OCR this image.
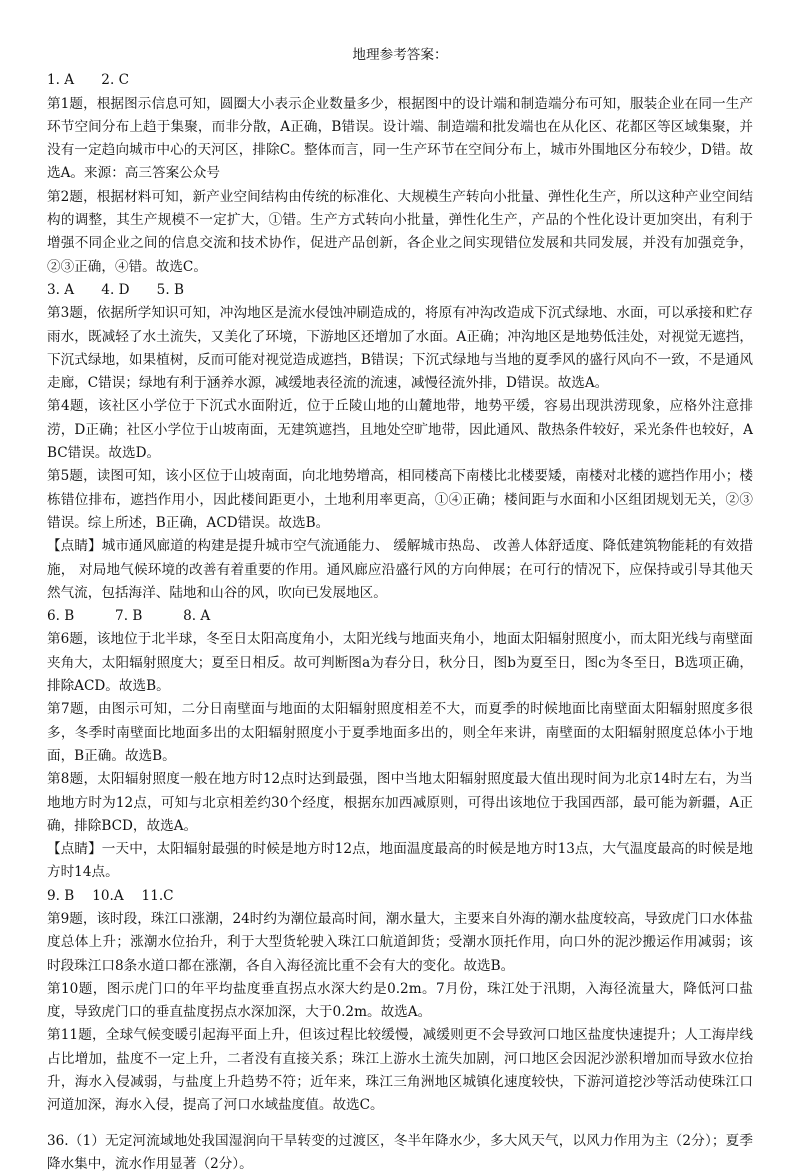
地理参考答案：

1. A　　2. C

第1题，根据图示信息可知，圆圈大小表示企业数量多少，根据图中的设计端和制造端分布可知，服装企业在同一生产环节空间分布上趋于集聚，而非分散，A正确，B错误。设计端、制造端和批发端也在从化区、花都区等区域集聚，并没有一定趋向城市中心的天河区，排除C。整体而言，同一生产环节在空间分布上，城市外围地区分布较少，D错。故选A。来源：高三答案公众号

第2题，根据材料可知，新产业空间结构由传统的标准化、大规模生产转向小批量、弹性化生产，所以这种产业空间结构的调整，其生产规模不一定扩大，①错。生产方式转向小批量，弹性化生产，产品的个性化设计更加突出，有利于增强不同企业之间的信息交流和技术协作，促进产品创新，各企业之间实现错位发展和共同发展，并没有加强竞争，②③正确，④错。故选C。

3. A　　4. D　　5. B

第3题，依据所学知识可知，冲沟地区是流水侵蚀冲刷造成的，将原有冲沟改造成下沉式绿地、水面，可以承接和贮存雨水，既减轻了水土流失，又美化了环境，下游地区还增加了水面。A正确；冲沟地区是地势低洼处，对视觉无遮挡，下沉式绿地，如果植树，反而可能对视觉造成遮挡，B错误；下沉式绿地与当地的夏季风的盛行风向不一致，不是通风走廊，C错误；绿地有利于涵养水源，减缓地表径流的流速，减慢径流外排，D错误。故选A。

第4题，该社区小学位于下沉式水面附近，位于丘陵山地的山麓地带，地势平缓，容易出现洪涝现象，应格外注意排涝，D正确；社区小学位于山坡南面，无建筑遮挡，且地处空旷地带，因此通风、散热条件较好，采光条件也较好，ABC错误。故选D。

第5题，读图可知，该小区位于山坡南面，向北地势增高，相同楼高下南楼比北楼要矮，南楼对北楼的遮挡作用小；楼栋错位排布，遮挡作用小，因此楼间距更小，土地利用率更高，①④正确；楼间距与水面和小区组团规划无关，②③错误。综上所述，B正确，ACD错误。故选B。

【点睛】城市通风廊道的构建是提升城市空气流通能力、 缓解城市热岛、 改善人体舒适度、降低建筑物能耗的有效措施， 对局地气候环境的改善有着重要的作用。通风廊应沿盛行风的方向伸展；在可行的情况下，应保持或引导其他天然气流，包括海洋、陆地和山谷的风，吹向已发展地区。

6. B　　　7. B　　　8. A

第6题，该地位于北半球，冬至日太阳高度角小，太阳光线与地面夹角小，地面太阳辐射照度小，而太阳光线与南壁面夹角大，太阳辐射照度大；夏至日相反。故可判断图a为春分日，秋分日，图b为夏至日，图c为冬至日，B选项正确，排除ACD。故选B。

第7题，由图示可知，二分日南壁面与地面的太阳辐射照度相差不大，而夏季的时候地面比南壁面太阳辐射照度多很多，冬季时南壁面比地面多出的太阳辐射照度小于夏季地面多出的，则全年来讲，南壁面的太阳辐射照度总体小于地面，B正确。故选B。

第8题，太阳辐射照度一般在地方时12点时达到最强，图中当地太阳辐射照度最大值出现时间为北京14时左右，为当地地方时为12点，可知与北京相差约30个经度，根据东加西减原则，可得出该地位于我国西部，最可能为新疆，A正确，排除BCD，故选A。

【点睛】一天中，太阳辐射最强的时候是地方时12点，地面温度最高的时候是地方时13点，大气温度最高的时候是地方时14点。

9. B　 10.A　 11.C

第9题，该时段，珠江口涨潮，24时约为潮位最高时间，潮水量大，主要来自外海的潮水盐度较高，导致虎门口水体盐度总体上升；涨潮水位抬升，利于大型货轮驶入珠江口航道卸货；受潮水顶托作用，向口外的泥沙搬运作用减弱；该时段珠江口8条水道口都在涨潮，各自入海径流比重不会有大的变化。故选B。

第10题，图示虎门口的年平均盐度垂直拐点水深大约是0.2m。7月份，珠江处于汛期，入海径流量大，降低河口盐度，导致虎门口的垂直盐度拐点水深加深，大于0.2m。故选A。

第11题，全球气候变暖引起海平面上升，但该过程比较缓慢，减缓则更不会导致河口地区盐度快速提升；人工海岸线占比增加，盐度不一定上升，二者没有直接关系；珠江上游水土流失加剧，河口地区会因泥沙淤积增加而导致水位抬升，海水入侵减弱，与盐度上升趋势不符；近年来，珠江三角洲地区城镇化速度较快，下游河道挖沙等活动使珠江口河道加深，海水入侵，提高了河口水域盐度值。故选C。

36.（1）无定河流域地处我国湿润向干旱转变的过渡区，冬半年降水少，多大风天气，以风力作用为主（2分）；夏季降水集中，流水作用显著（2分）。
